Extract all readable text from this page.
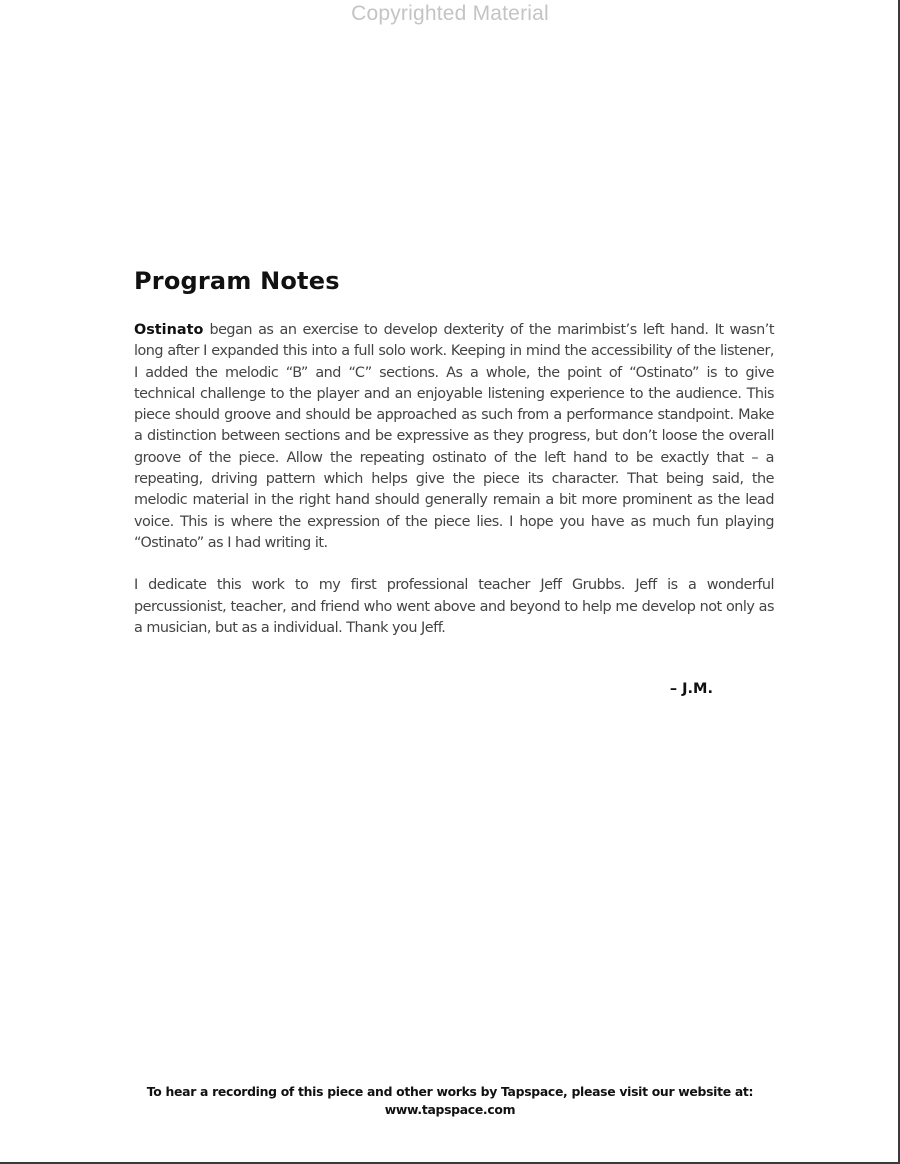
Copyrighted Material
Program Notes

Ostinato began as an exercise to develop dexterity of the marimbist’s left hand. It wasn’t long after I expanded this into a full solo work. Keeping in mind the accessibility of the listener, I added the melodic “B” and “C” sections. As a whole, the point of “Ostinato” is to give technical challenge to the player and an enjoyable listening experience to the audience. This piece should groove and should be approached as such from a performance standpoint. Make a distinction between sections and be expressive as they progress, but don’t loose the overall groove of the piece. Allow the repeating ostinato of the left hand to be exactly that – a repeating, driving pattern which helps give the piece its character. That being said, the melodic material in the right hand should generally remain a bit more prominent as the lead voice. This is where the expression of the piece lies. I hope you have as much fun playing “Ostinato” as I had writing it.

I dedicate this work to my first professional teacher Jeff Grubbs. Jeff is a wonderful percussionist, teacher, and friend who went above and beyond to help me develop not only as a musician, but as a individual. Thank you Jeff.

– J.M.
To hear a recording of this piece and other works by Tapspace, please visit our website at:
www.tapspace.com
